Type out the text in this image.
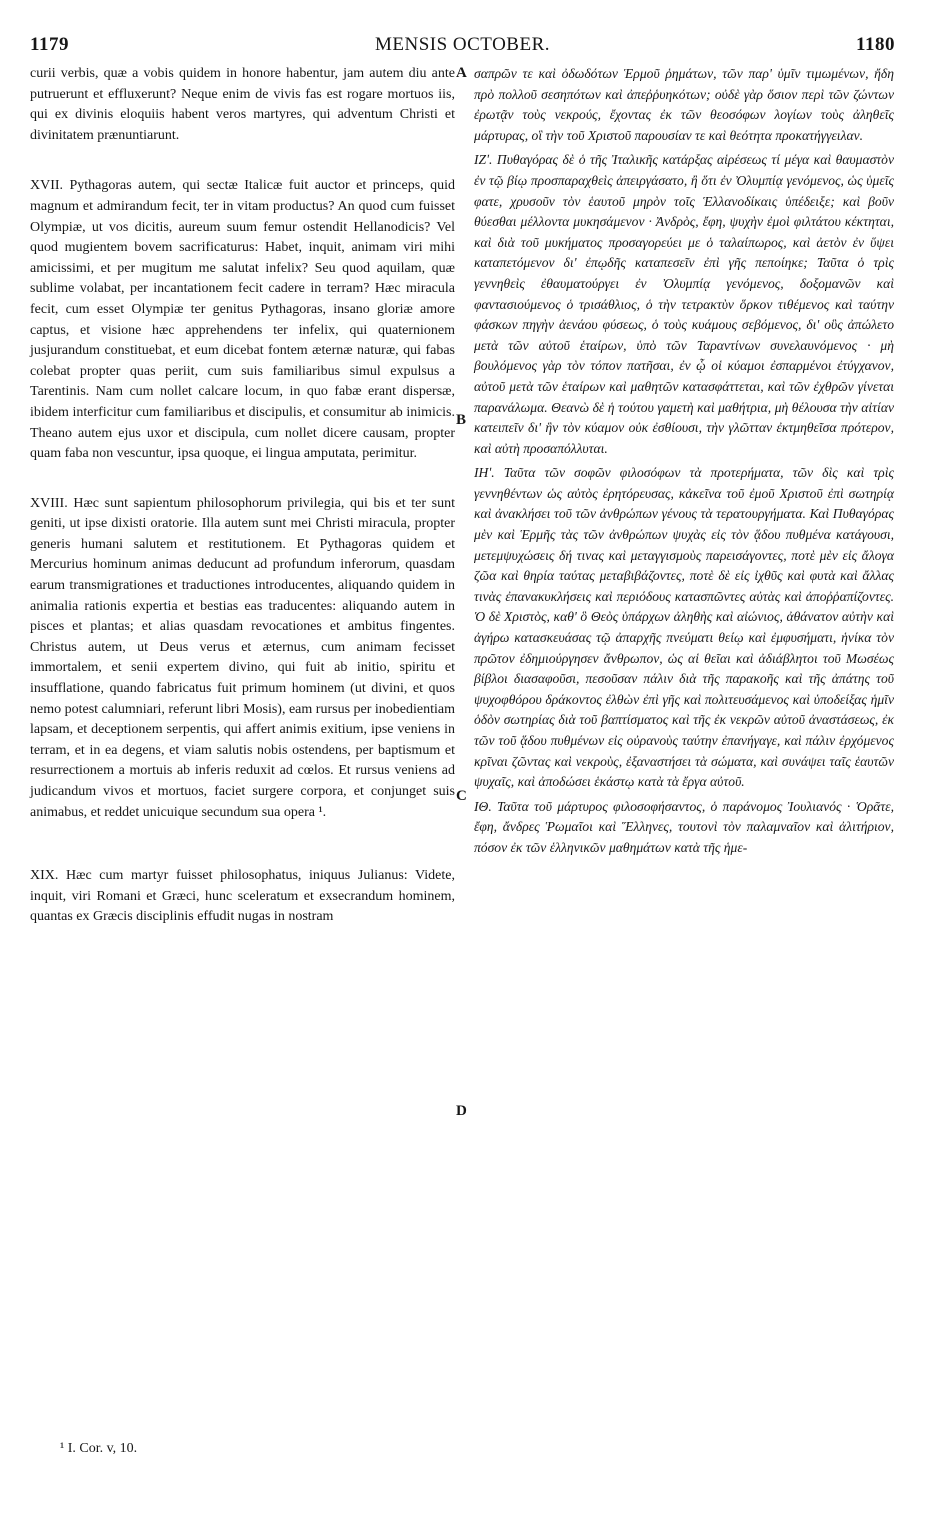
1179	MENSIS OCTOBER.	1180

curii verbis, quæ a vobis quidem in honore habentur, jam autem diu ante putruerunt et effluxerunt? Neque enim de vivis fas est rogare mortuos iis, qui ex divinis eloquiis habent veros martyres, qui adventum Christi et divinitatem prænuntiarunt.

XVII. Pythagoras autem, qui sectæ Italicæ fuit auctor et princeps, quid magnum et admirandum fecit, ter in vitam productus? An quod cum fuisset Olympiæ, ut vos dicitis, aureum suum femur ostendit Hellanodicis? Vel quod mugientem bovem sacrificaturus: Habet, inquit, animam viri mihi amicissimi, et per mugitum me salutat infelix? Seu quod aquilam, quæ sublime volabat, per incantationem fecit cadere in terram? Hæc miracula fecit, cum esset Olympiæ ter genitus Pythagoras, insano gloriæ amore captus, et visione hæc apprehendens ter infelix, qui quaternionem jusjurandum constituebat, et eum dicebat fontem æternæ naturæ, qui fabas colebat propter quas periit, cum suis familiaribus simul expulsus a Tarentinis. Nam cum nollet calcare locum, in quo fabæ erant dispersæ, ibidem interficitur cum familiaribus et discipulis, et consumitur ab inimicis. Theano autem ejus uxor et discipula, cum nollet dicere causam, propter quam faba non vescuntur, ipsa quoque, ei lingua amputata, perimitur.

XVIII. Hæc sunt sapientum philosophorum privilegia, qui bis et ter sunt geniti, ut ipse dixisti oratorie. Illa autem sunt mei Christi miracula, propter generis humani salutem et restitutionem. Et Pythagoras quidem et Mercurius hominum animas deducunt ad profundum inferorum, quasdam earum transmigrationes et traductiones introducentes, aliquando quidem in animalia rationis expertia et bestias eas traducentes: aliquando autem in pisces et plantas; et alias quasdam revocationes et ambitus fingentes. Christus autem, ut Deus verus et æternus, cum animam fecisset immortalem, et senii expertem divino, qui fuit ab initio, spiritu et insufflatione, quando fabricatus fuit primum hominem (ut divini, et quos nemo potest calumniari, referunt libri Mosis), eam rursus per inobedientiam lapsam, et deceptionem serpentis, qui affert animis exitium, ipse veniens in terram, et in ea degens, et viam salutis nobis ostendens, per baptismum et resurrectionem a mortuis ab inferis reduxit ad cœlos. Et rursus veniens ad judicandum vivos et mortuos, faciet surgere corpora, et conjunget suis animabus, et reddet unicuique secundum sua opera ¹.

XIX. Hæc cum martyr fuisset philosophatus, iniquus Julianus: Videte, inquit, viri Romani et Græci, hunc sceleratum et exsecrandum hominem, quantas ex Græcis disciplinis effudit nugas in nostram

A
B
C
D

σαπρῶν τε καὶ ὀδωδότων Ἑρμοῦ ῥημάτων, τῶν παρ' ὑμῖν τιμωμένων, ἤδη πρὸ πολλοῦ σεσηπότων καὶ ἀπεῤῥυηκότων; οὐδὲ γὰρ ὅσιον περὶ τῶν ζώντων ἐρωτᾷν τοὺς νεκρούς, ἔχοντας ἐκ τῶν θεοσόφων λογίων τοὺς ἀληθεῖς μάρτυρας, οἳ τὴν τοῦ Χριστοῦ παρουσίαν τε καὶ θεότητα προκατήγγειλαν.

ΙΖʹ. Πυθαγόρας δὲ ὁ τῆς Ἰταλικῆς κατάρξας αἱρέσεως τί μέγα καὶ θαυμαστὸν ἐν τῷ βίῳ προσπαραχθεὶς ἀπειργάσατο, ἢ ὅτι ἐν Ὀλυμπίᾳ γενόμενος, ὡς ὑμεῖς φατε, χρυσοῦν τὸν ἑαυτοῦ μηρὸν τοῖς Ἑλλανοδίκαις ὑπέδειξε; καὶ βοῦν θύεσθαι μέλλοντα μυκησάμενον · Ἀνδρὸς, ἔφη, ψυχὴν ἐμοὶ φιλτάτου κέκτηται, καὶ διὰ τοῦ μυκήματος προσαγορεύει με ὁ ταλαίπωρος, καὶ ἀετὸν ἐν ὕψει καταπετόμενον δι' ἐπῳδῆς καταπεσεῖν ἐπὶ γῆς πεποίηκε; Ταῦτα ὁ τρὶς γεννηθεὶς ἐθαυματούργει ἐν Ὀλυμπίᾳ γενόμενος, δοξομανῶν καὶ φαντασιούμενος ὁ τρισάθλιος, ὁ τὴν τετρακτὺν ὅρκον τιθέμενος καὶ ταύτην φάσκων πηγὴν ἀενάου φύσεως, ὁ τοὺς κυάμους σεβόμενος, δι' οὓς ἀπώλετο μετὰ τῶν αὐτοῦ ἑταίρων, ὑπὸ τῶν Ταραντίνων συνελαυνόμενος · μὴ βουλόμενος γὰρ τὸν τόπον πατῆσαι, ἐν ᾧ οἱ κύαμοι ἐσπαρμένοι ἐτύγχανον, αὐτοῦ μετὰ τῶν ἑταίρων καὶ μαθητῶν κατασφάττεται, καὶ τῶν ἐχθρῶν γίνεται παρανάλωμα. Θεανὼ δὲ ἡ τούτου γαμετὴ καὶ μαθήτρια, μὴ θέλουσα τὴν αἰτίαν κατειπεῖν δι' ἣν τὸν κύαμον οὐκ ἐσθίουσι, τὴν γλῶτταν ἐκτμηθεῖσα πρότερον, καὶ αὐτὴ προσαπόλλυται.

ΙΗʹ. Ταῦτα τῶν σοφῶν φιλοσόφων τὰ προτερήματα, τῶν δὶς καὶ τρὶς γεννηθέντων ὡς αὐτὸς ἐρητόρευσας, κἀκεῖνα τοῦ ἐμοῦ Χριστοῦ ἐπὶ σωτηρίᾳ καὶ ἀνακλήσει τοῦ τῶν ἀνθρώπων γένους τὰ τερατουργήματα. Καὶ Πυθαγόρας μὲν καὶ Ἑρμῆς τὰς τῶν ἀνθρώπων ψυχὰς εἰς τὸν ᾅδου πυθμένα κατάγουσι, μετεμψυχώσεις δή τινας καὶ μεταγγισμοὺς παρεισάγοντες, ποτὲ μὲν εἰς ἄλογα ζῶα καὶ θηρία ταύτας μεταβιβάζοντες, ποτὲ δὲ εἰς ἰχθῦς καὶ φυτὰ καὶ ἄλλας τινὰς ἐπανακυκλήσεις καὶ περιόδους κατασπῶντες αὐτὰς καὶ ἀποῤῥαπίζοντες. Ὁ δὲ Χριστὸς, καθ' ὃ Θεὸς ὑπάρχων ἀληθὴς καὶ αἰώνιος, ἀθάνατον αὐτὴν καὶ ἀγήρω κατασκευάσας τῷ ἀπαρχῆς πνεύματι θείῳ καὶ ἐμφυσήματι, ἡνίκα τὸν πρῶτον ἐδημιούργησεν ἄνθρωπον, ὡς αἱ θεῖαι καὶ ἀδιάβλητοι τοῦ Μωσέως βίβλοι διασαφοῦσι, πεσοῦσαν πάλιν διὰ τῆς παρακοῆς καὶ τῆς ἀπάτης τοῦ ψυχοφθόρου δράκοντος ἐλθὼν ἐπὶ γῆς καὶ πολιτευσάμενος καὶ ὑποδείξας ἡμῖν ὁδὸν σωτηρίας διὰ τοῦ βαπτίσματος καὶ τῆς ἐκ νεκρῶν αὐτοῦ ἀναστάσεως, ἐκ τῶν τοῦ ᾅδου πυθμένων εἰς οὐρανοὺς ταύτην ἐπανήγαγε, καὶ πάλιν ἐρχόμενος κρῖναι ζῶντας καὶ νεκροὺς, ἐξαναστήσει τὰ σώματα, καὶ συνάψει ταῖς ἑαυτῶν ψυχαῖς, καὶ ἀποδώσει ἑκάστῳ κατὰ τὰ ἔργα αὐτοῦ.

ΙΘ. Ταῦτα τοῦ μάρτυρος φιλοσοφήσαντος, ὁ παράνομος Ἰουλιανός · Ὁρᾶτε, ἔφη, ἄνδρες Ῥωμαῖοι καὶ Ἕλληνες, τουτονὶ τὸν παλαμναῖον καὶ ἀλιτήριον, πόσον ἐκ τῶν ἑλληνικῶν μαθημάτων κατὰ τῆς ἡμε-

¹ I. Cor. v, 10.
